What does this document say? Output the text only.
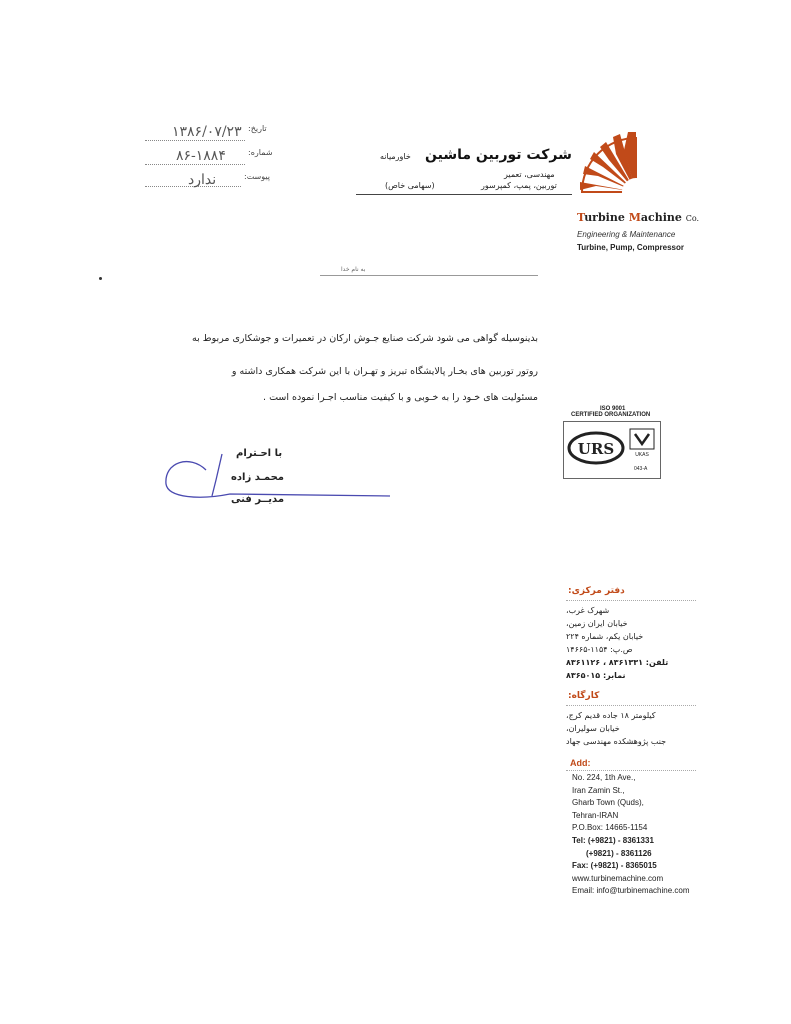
تاریخ:
۱۳۸۶/۰۷/۲۳
شماره:
۸۶-۱۸۸۴
پیوست:
ندارد
خاورمیانه شرکت توربین ماشین
مهندسی، تعمیر
توربین، پمپ، کمپرسور
(سهامی خاص)
Turbine Machine Co.
Engineering & Maintenance
Turbine, Pump, Compressor
به نام خدا
بدینوسیله گواهی می شود شرکت صنایع جـوش ارکان در تعمیرات و جوشکاری مربوط به
روتور توربین های بخـار پالایشگاه تبریز و تهـران با این شرکت همکاری داشته و
مسئولیت های خـود را به خـوبی و با کیفیت مناسب اجـرا نموده است .
با احـترام
محمـد زاده
مدیــر فنی
ISO 9001
CERTIFIED ORGANIZATION
URS	UKAS
043-A
دفتر مرکزی:
شهرک غرب،
خیابان ایران زمین،
خیابان یکم، شماره ۲۲۴
ص.پ: ۱۱۵۴-۱۴۶۶۵
تلفن: ۸۳۶۱۳۳۱ ، ۸۳۶۱۱۲۶
نمابر: ۸۳۶۵۰۱۵
کارگاه:
کیلومتر ۱۸ جاده قدیم کرج،
خیابان سولیران،
جنب پژوهشکده مهندسی جهاد
Add:
No. 224, 1th Ave.,
Iran Zamin St.,
Gharb Town (Quds),
Tehran-IRAN
P.O.Box: 14665-1154
Tel: (+9821) - 8361331
(+9821) - 8361126
Fax: (+9821) - 8365015
www.turbinemachine.com
Email: info@turbinemachine.com
